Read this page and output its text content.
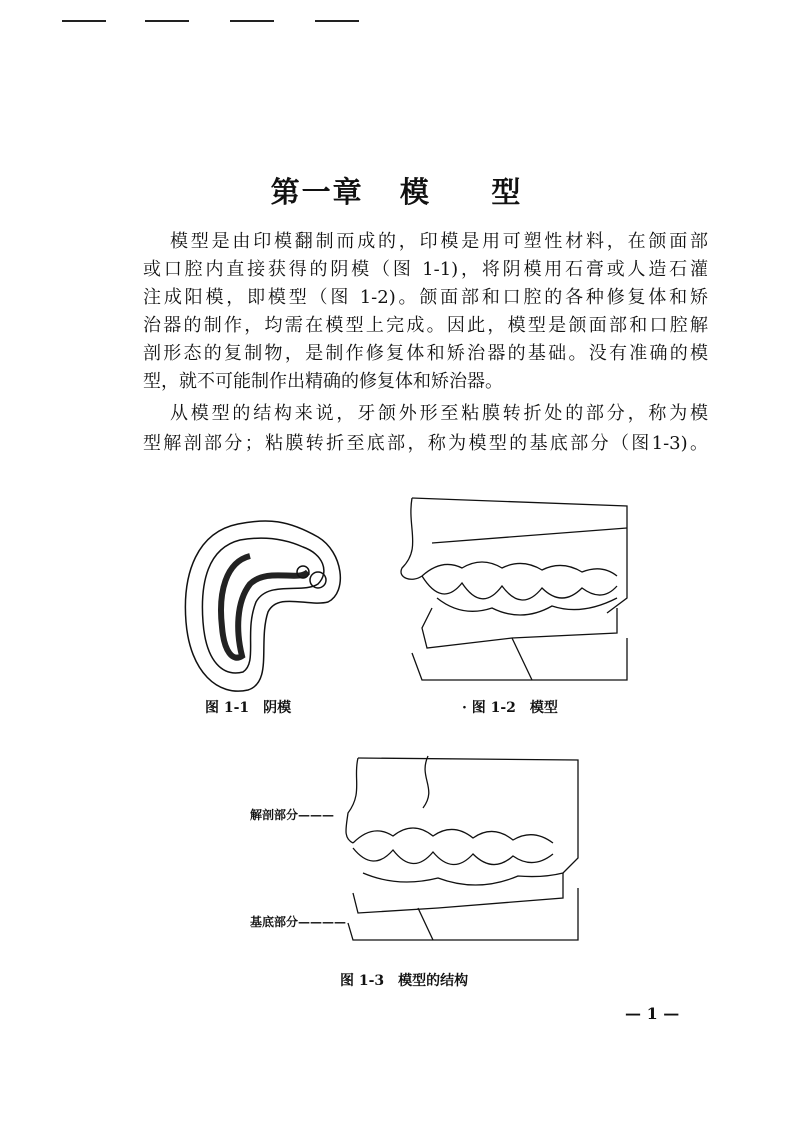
第一章 模 型
模型是由印模翻制而成的，印模是用可塑性材料，在颌面部
或口腔内直接获得的阴模（图 1-1)，将阴模用石膏或人造石灌
注成阳模，即模型（图 1-2)。颌面部和口腔的各种修复体和矫
治器的制作，均需在模型上完成。因此，模型是颌面部和口腔解
剖形态的复制物，是制作修复体和矫治器的基础。没有准确的模
型，就不可能制作出精确的修复体和矫治器。
从模型的结构来说，牙颌外形至粘膜转折处的部分，称为模
型解剖部分；粘膜转折至底部，称为模型的基底部分（图1-3)。
图 1-1　阴模	· 图 1-2　模型
解剖部分———
基底部分————
图 1-3　模型的结构
— 1 —
